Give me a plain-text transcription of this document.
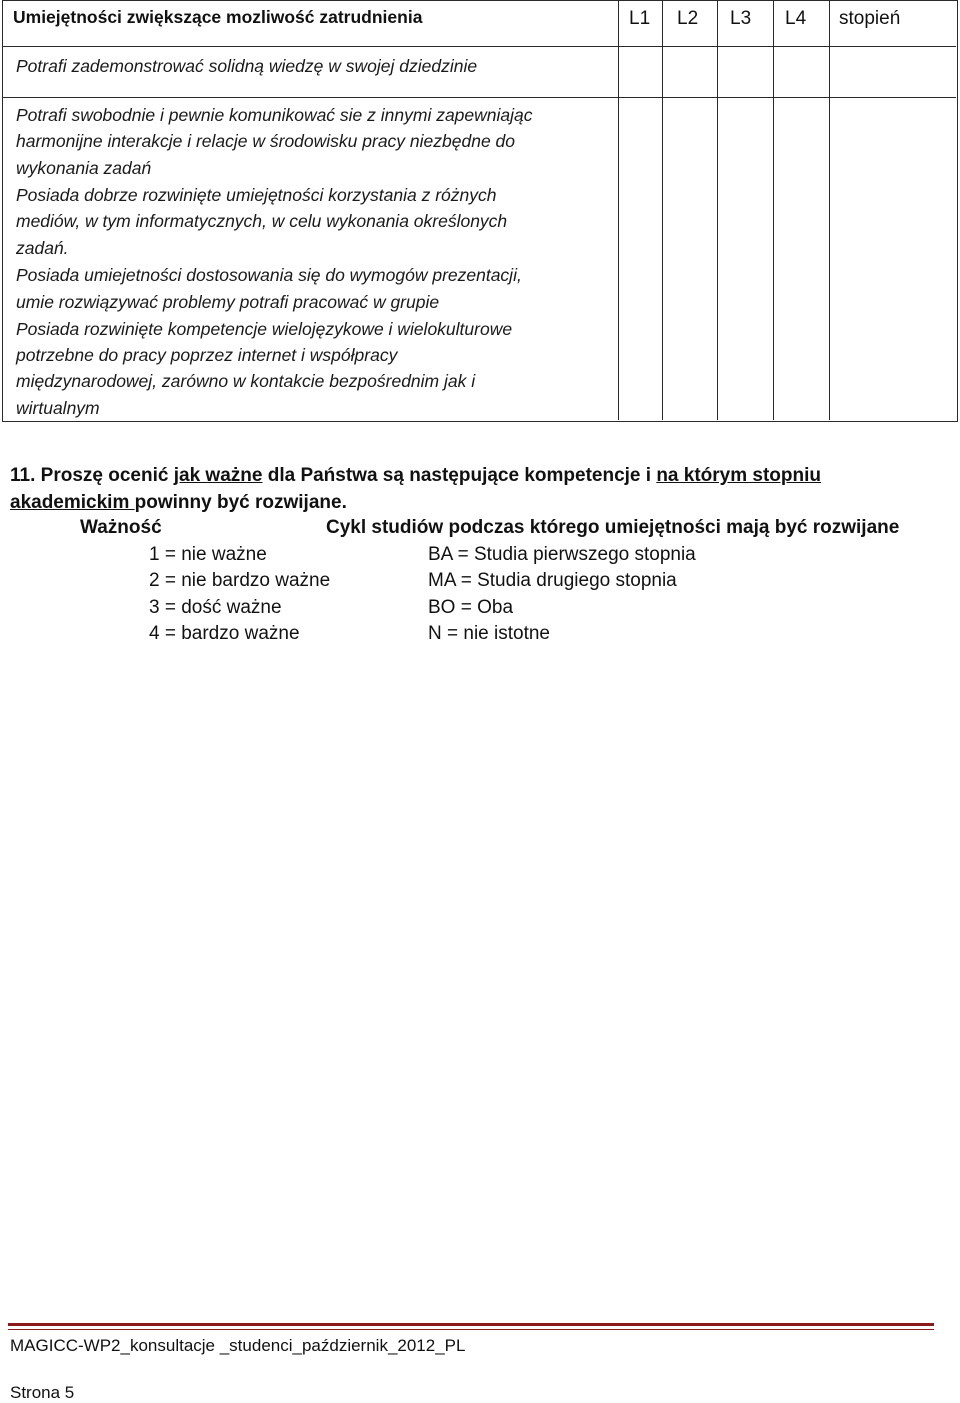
Umiejętności zwiększące mozliwość zatrudnienia	L1 L2 L3 L4 stopień
Potrafi zademonstrować solidną wiedzę w swojej dziedzinie
Potrafi swobodnie i pewnie komunikować sie z innymi zapewniając
harmonijne interakcje i relacje w środowisku pracy niezbędne do
wykonania zadań
Posiada dobrze rozwinięte umiejętności korzystania z różnych
mediów, w tym informatycznych, w celu wykonania określonych
zadań.
Posiada umiejetności dostosowania się do wymogów prezentacji,
umie rozwiązywać problemy potrafi pracować w grupie
Posiada rozwinięte kompetencje wielojęzykowe i wielokulturowe
potrzebne do pracy poprzez internet i współpracy
międzynarodowej, zarówno w kontakcie bezpośrednim jak i
wirtualnym
11. Proszę ocenić jak ważne dla Państwa są następujące kompetencje i na którym stopniu
akademickim powinny być rozwijane.
Ważność	Cykl studiów podczas którego umiejętności mają być rozwijane
1 = nie ważne
2 = nie bardzo ważne
3 = dość ważne
4 = bardzo ważne
BA = Studia pierwszego stopnia
MA = Studia drugiego stopnia
BO = Oba
N = nie istotne
MAGICC-WP2_konsultacje _studenci_październik_2012_PL
Strona 5
